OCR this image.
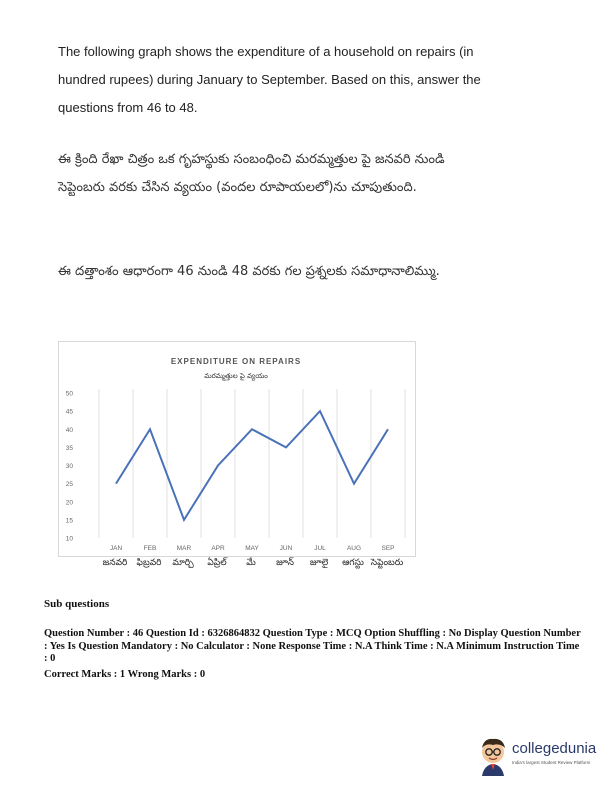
The following graph shows the expenditure of a household on repairs (in hundred rupees) during January to September. Based on this, answer the questions from 46 to 48.
ఈ క్రింది రేఖా చిత్రం ఒక గృహస్థుకు సంబంధించి మరమ్మత్తుల పై జనవరి నుండి సెప్టెంబరు వరకు చేసిన వ్యయం (వందల రూపాయలలో)ను చూపుతుంది.
ఈ దత్తాంశం ఆధారంగా 46 నుండి 48 వరకు గల ప్రశ్నలకు సమాధానాలిమ్ము.
10
15
20
25
30
35
40
45
50
JAN	FEB	MAR	APR	MAY	JUN	JUL	AUG	SEP
EXPENDITURE ON REPAIRS
మరమ్మత్తుల పై వ్యయం
జనవరి ఫిబ్రవరి మార్చి ఏప్రిల్ మే జూన్ జూలై ఆగస్టు సెప్టెంబరు
Sub questions
Question Number : 46 Question Id : 6326864832 Question Type : MCQ Option Shuffling : No Display Question Number : Yes Is Question Mandatory : No Calculator : None Response Time : N.A Think Time : N.A Minimum Instruction Time : 0
Correct Marks : 1 Wrong Marks : 0
collegedunia
India's largest Student Review Platform
